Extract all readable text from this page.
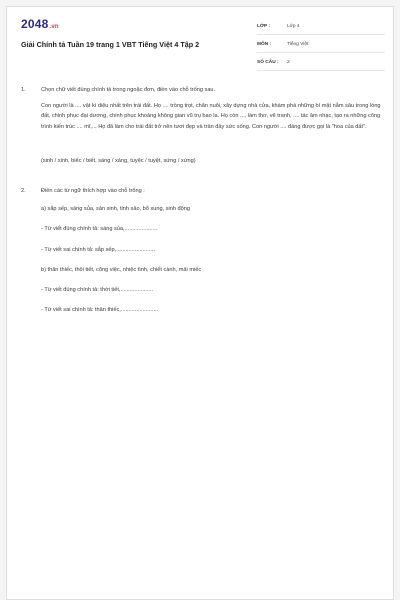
2048.vn
Giải Chính tả Tuần 19 trang 1 VBT Tiếng Việt 4 Tập 2
LỚP :	Lớp 4
MÔN :	Tiếng Việt
SỐ CÂU : 2
1.	Chọn chữ viết đúng chính tả trong ngoặc đơn, điền vào chỗ trống sau.

Con người là .... vật kì diệu nhất trên trái đất. Họ .... trồng trọt, chăn nuôi, xây dựng nhà cửa, khám phá những bí mật nằm sâu trong lòng đất, chinh phục đại dương, chinh phục khoảng không gian vũ trụ bao la. Họ còn ..., làm thơ, vẽ tranh, .... tác âm nhạc, tạo ra những công trình kiến trúc .... mĩ,... Họ đã làm cho trái đất trở nên tươi đẹp và tràn đầy sức sống. Con người .... đáng được gọi là "hoa của đất".

(sinh / xinh, biếc / biết, sáng / xáng, tuyệc / tuyệt, sứng / xứng)

2.	Điền các từ ngữ thích hợp vào chỗ trống :

a) sắp sếp, sáng sủa, sản sinh, tinh sảo, bổ xung, sinh động

- Từ viết đúng chính tả: sáng sủa,.....................

- Từ viết sai chính tả: sắp sếp,.........................

b) thân thiếc, thôi tiết, công việc, nhiệc tình, chiết cành, mải miếc

- Từ viết đúng chính tả: thời tiết,.....................

- Từ viết sai chính tả: thân thiếc,........................
